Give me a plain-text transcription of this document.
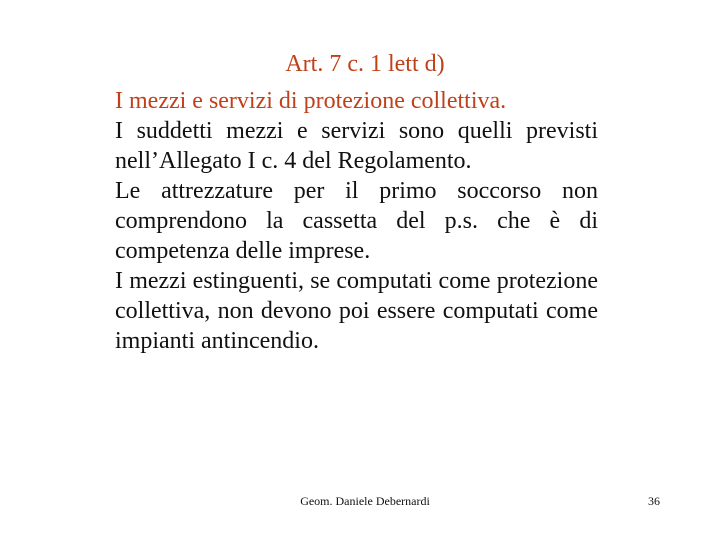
Art. 7 c. 1 lett d)

I mezzi e servizi di protezione collettiva.

I suddetti mezzi e servizi sono quelli previsti nell’Allegato I c. 4 del Regolamento.

Le attrezzature per il primo soccorso non comprendono la cassetta del p.s. che è di competenza delle imprese.

I mezzi estinguenti, se computati come protezione collettiva, non devono poi essere computati come impianti antincendio.

Geom. Daniele Debernardi	36
